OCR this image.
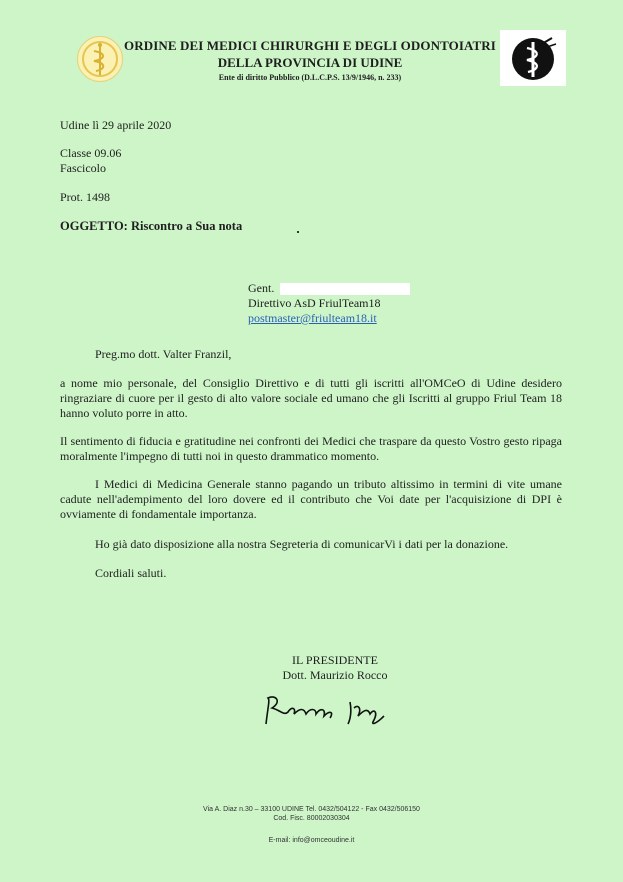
ORDINE DEI MEDICI CHIRURGHI E DEGLI ODONTOIATRI
DELLA PROVINCIA DI UDINE
Ente di diritto Pubblico (D.L.C.P.S. 13/9/1946, n. 233)
Udine lì 29 aprile 2020
Classe 09.06
Fascicolo
Prot. 1498
OGGETTO: Riscontro a Sua nota
Gent.
Direttivo AsD FriulTeam18
postmaster@friulteam18.it
Preg.mo dott. Valter Franzil,
a nome mio personale, del Consiglio Direttivo e di tutti gli iscritti all'OMCeO di Udine desidero ringraziare di cuore per il gesto di alto valore sociale ed umano che gli Iscritti al gruppo Friul Team 18 hanno voluto porre in atto.
Il sentimento di fiducia e gratitudine nei confronti dei Medici che traspare da questo Vostro gesto ripaga moralmente l'impegno di tutti noi in questo drammatico momento.
I Medici di Medicina Generale stanno pagando un tributo altissimo in termini di vite umane cadute nell'adempimento del loro dovere ed il contributo che Voi date per l'acquisizione di DPI è ovviamente di fondamentale importanza.
Ho già dato disposizione alla nostra Segreteria di comunicarVi i dati per la donazione.
Cordiali saluti.
IL PRESIDENTE
Dott. Maurizio Rocco
Via A. Diaz n.30 – 33100 UDINE Tel. 0432/504122 - Fax 0432/506150
Cod. Fisc. 80002030304
E-mail: info@omceoudine.it
